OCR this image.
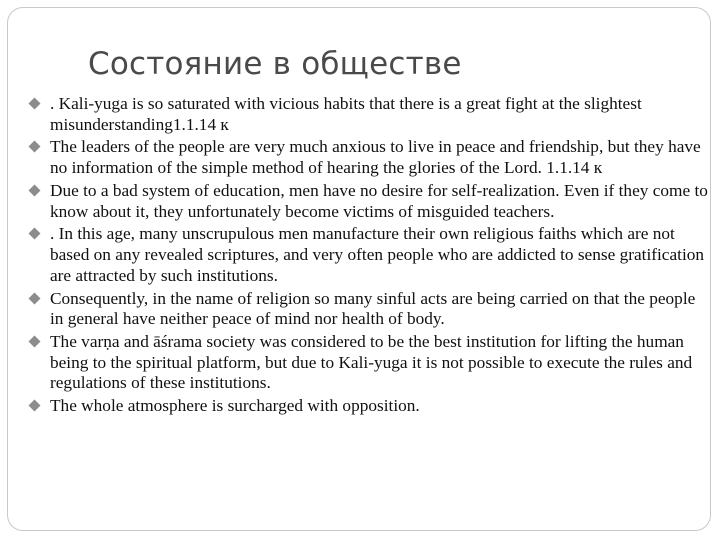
Состояние в обществе
. Kali-yuga is so saturated with vicious habits that there is a great fight at the slightest misunderstanding1.1.14 к
The leaders of the people are very much anxious to live in peace and friendship, but they have no information of the simple method of hearing the glories of the Lord. 1.1.14 к
Due to a bad system of education, men have no desire for self-realization. Even if they come to know about it, they unfortunately become victims of misguided teachers.
. In this age, many unscrupulous men manufacture their own religious faiths which are not based on any revealed scriptures, and very often people who are addicted to sense gratification are attracted by such institutions.
Consequently, in the name of religion so many sinful acts are being carried on that the people in general have neither peace of mind nor health of body.
The varṇa and āśrama society was considered to be the best institution for lifting the human being to the spiritual platform, but due to Kali-yuga it is not possible to execute the rules and regulations of these institutions.
The whole atmosphere is surcharged with opposition.
